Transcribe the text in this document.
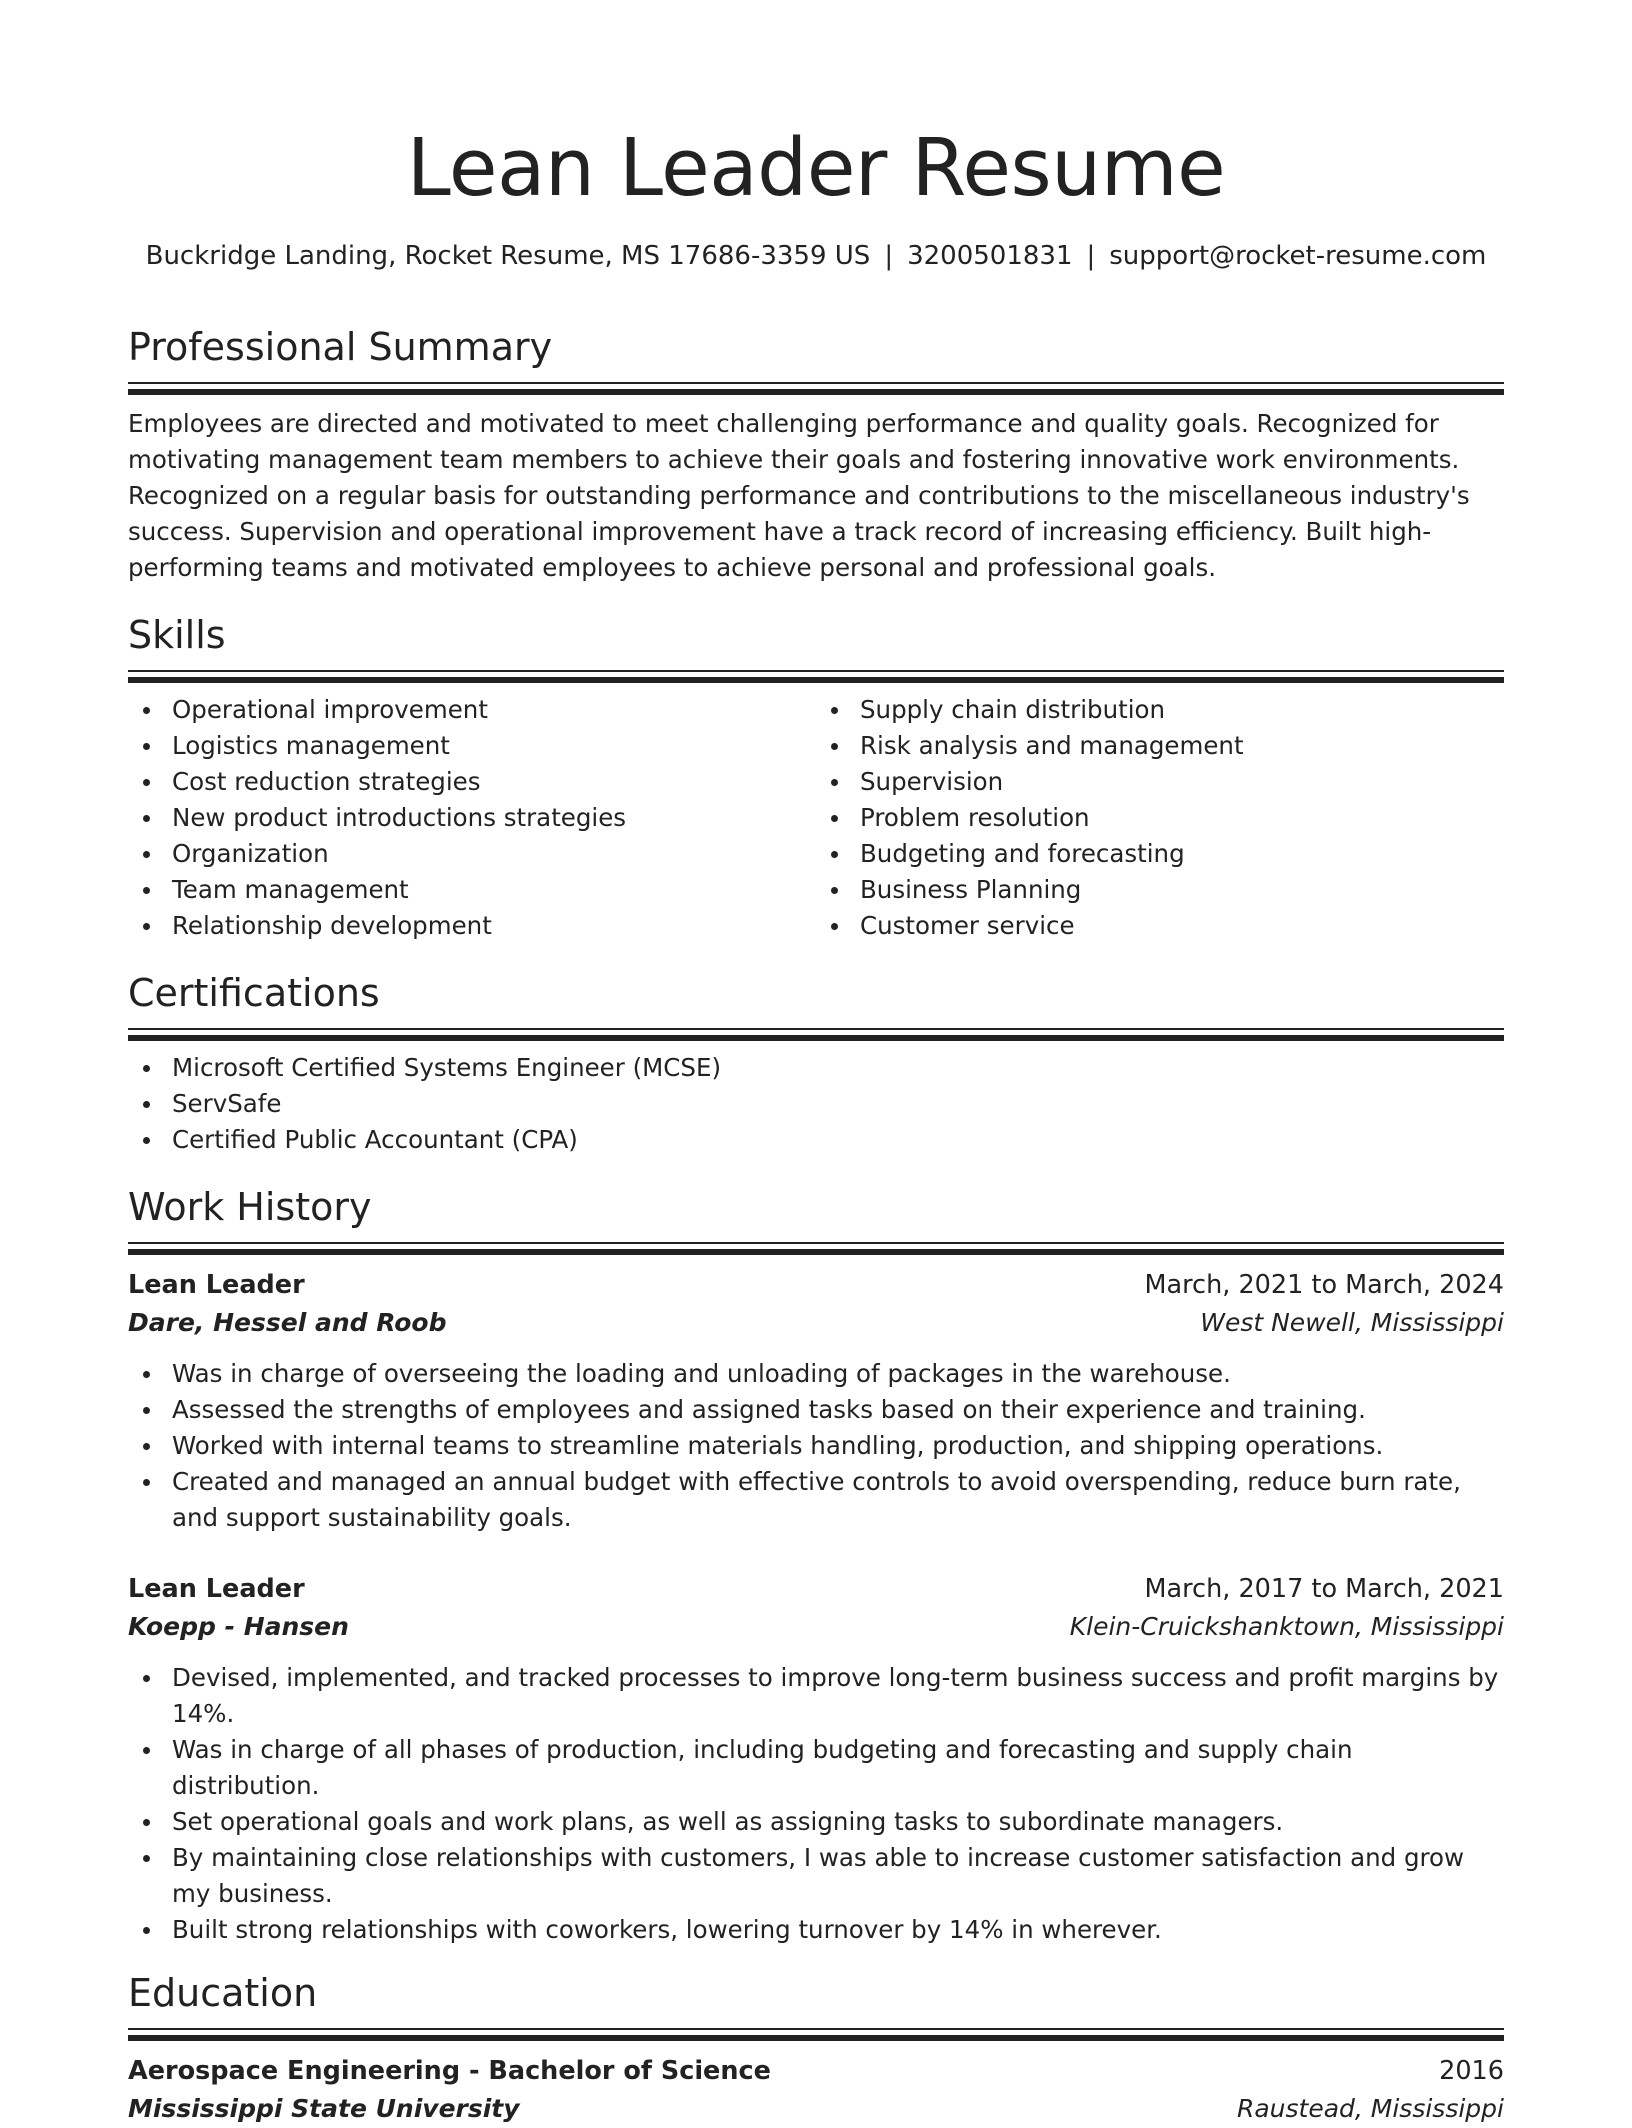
Lean Leader Resume
Buckridge Landing, Rocket Resume, MS 17686-3359 US | 3200501831 | support@rocket-resume.com
Professional Summary

Employees are directed and motivated to meet challenging performance and quality goals. Recognized for motivating management team members to achieve their goals and fostering innovative work environments. Recognized on a regular basis for outstanding performance and contributions to the miscellaneous industry's success. Supervision and operational improvement have a track record of increasing efficiency. Built high-performing teams and motivated employees to achieve personal and professional goals.

Skills
Operational improvement
Logistics management
Cost reduction strategies
New product introductions strategies
Organization
Team management
Relationship development
Supply chain distribution
Risk analysis and management
Supervision
Problem resolution
Budgeting and forecasting
Business Planning
Customer service
Certifications
Microsoft Certified Systems Engineer (MCSE)
ServSafe
Certified Public Accountant (CPA)
Work History
Lean Leader	March, 2021 to March, 2024
Dare, Hessel and Roob	West Newell, Mississippi
Was in charge of overseeing the loading and unloading of packages in the warehouse.
Assessed the strengths of employees and assigned tasks based on their experience and training.
Worked with internal teams to streamline materials handling, production, and shipping operations.
Created and managed an annual budget with effective controls to avoid overspending, reduce burn rate, and support sustainability goals.
Lean Leader	March, 2017 to March, 2021
Koepp - Hansen	Klein-Cruickshanktown, Mississippi
Devised, implemented, and tracked processes to improve long-term business success and profit margins by 14%.
Was in charge of all phases of production, including budgeting and forecasting and supply chain distribution.
Set operational goals and work plans, as well as assigning tasks to subordinate managers.
By maintaining close relationships with customers, I was able to increase customer satisfaction and grow my business.
Built strong relationships with coworkers, lowering turnover by 14% in wherever.
Education
Aerospace Engineering - Bachelor of Science	2016
Mississippi State University	Raustead, Mississippi
